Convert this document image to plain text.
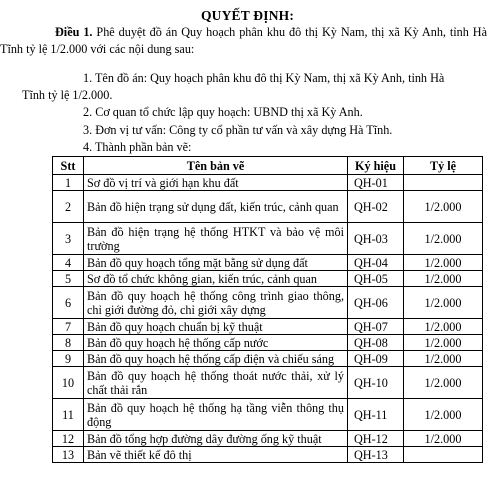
QUYẾT ĐỊNH:
Điều 1. Phê duyệt đồ án Quy hoạch phân khu đô thị Kỳ Nam, thị xã Kỳ Anh, tỉnh Hà Tĩnh tỷ lệ 1/2.000 với các nội dung sau:
1. Tên đồ án: Quy hoạch phân khu đô thị Kỳ Nam, thị xã Kỳ Anh, tỉnh Hà
Tĩnh tỷ lệ 1/2.000.
2. Cơ quan tổ chức lập quy hoạch: UBND thị xã Kỳ Anh.
3. Đơn vị tư vấn: Công ty cổ phần tư vấn và xây dựng Hà Tĩnh.
4. Thành phần bản vẽ:
Stt	Tên bản vẽ	Ký hiệu	Tỷ lệ
1	Sơ đồ vị trí và giới hạn khu đất	QH-01	
2	Bản đồ hiện trạng sử dụng đất, kiến trúc, cảnh quan	QH-02	1/2.000
3	Bản đồ hiện trạng hệ thống HTKT và bảo vệ môi trường	QH-03	1/2.000
4	Bản đồ quy hoạch tổng mặt bằng sử dụng đất	QH-04	1/2.000
5	Sơ đồ tổ chức không gian, kiến trúc, cảnh quan	QH-05	1/2.000
6	Bản đồ quy hoạch hệ thống công trình giao thông, chỉ giới đường đỏ, chỉ giới xây dựng	QH-06	1/2.000
7	Bản đồ quy hoạch chuẩn bị kỹ thuật	QH-07	1/2.000
8	Bản đồ quy hoạch hệ thống cấp nước	QH-08	1/2.000
9	Bản đồ quy hoạch hệ thống cấp điện và chiếu sáng	QH-09	1/2.000
10	Bản đồ quy hoạch hệ thống thoát nước thải, xử lý chất thải rắn	QH-10	1/2.000
11	Bản đồ quy hoạch hệ thống hạ tầng viễn thông thụ động	QH-11	1/2.000
12	Bản đồ tổng hợp đường dây đường ống kỹ thuật	QH-12	1/2.000
13	Bản vẽ thiết kế đô thị	QH-13	
